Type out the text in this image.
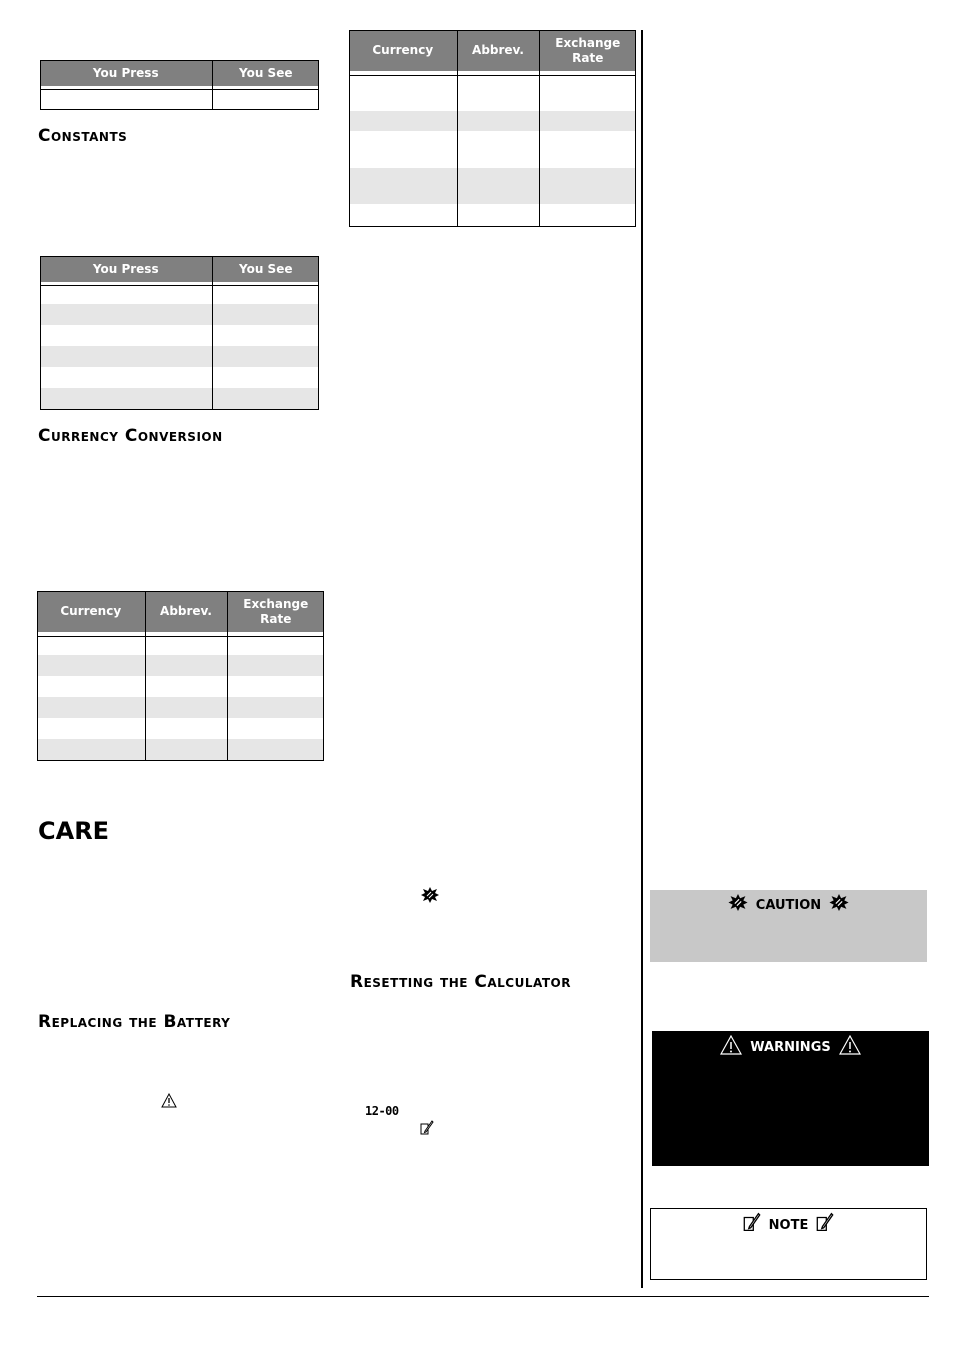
You Press	You See

Constants
You Press	You See

Currency Conversion
Currency	Abbrev.	Exchange Rate

CARE
Replacing the Battery
Currency	Abbrev.	Exchange Rate

Resetting the Calculator
12-00
CAUTION
WARNINGS
NOTE
